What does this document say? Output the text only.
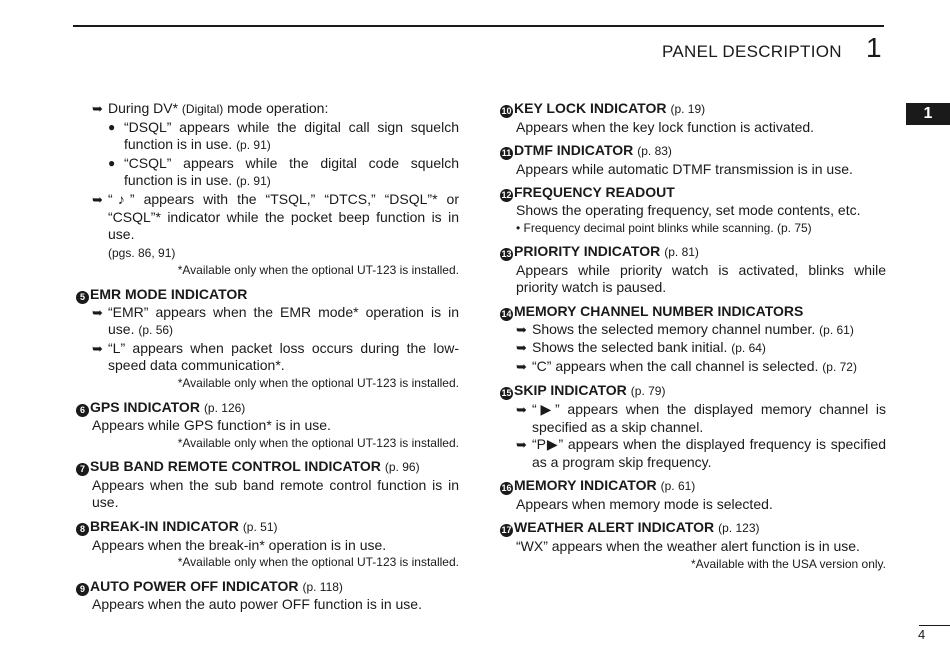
PANEL DESCRIPTION 1
1
4
➥ During DV* (Digital) mode operation:
● “DSQL” appears while the digital call sign squelch function is in use. (p. 91)
● “CSQL” appears while the digital code squelch function is in use. (p. 91)
➥ “♪” appears with the “TSQL,” “DTCS,” “DSQL”* or “CSQL”* indicator while the pocket beep function is in use.
(pgs. 86, 91)
*Available only when the optional UT-123 is installed.
5 EMR MODE INDICATOR
➥ “EMR” appears when the EMR mode* operation is in use. (p. 56)
➥ “L” appears when packet loss occurs during the low-speed data communication*.
*Available only when the optional UT-123 is installed.
6 GPS INDICATOR (p. 126)
Appears while GPS function* is in use.
*Available only when the optional UT-123 is installed.
7 SUB BAND REMOTE CONTROL INDICATOR (p. 96)
Appears when the sub band remote control function is in use.
8 BREAK-IN INDICATOR (p. 51)
Appears when the break-in* operation is in use.
*Available only when the optional UT-123 is installed.
9 AUTO POWER OFF INDICATOR (p. 118)
Appears when the auto power OFF function is in use.
10 KEY LOCK INDICATOR (p. 19)
Appears when the key lock function is activated.
11 DTMF INDICATOR (p. 83)
Appears while automatic DTMF transmission is in use.
12 FREQUENCY READOUT
Shows the operating frequency, set mode contents, etc.
• Frequency decimal point blinks while scanning. (p. 75)
13 PRIORITY INDICATOR (p. 81)
Appears while priority watch is activated, blinks while priority watch is paused.
14 MEMORY CHANNEL NUMBER INDICATORS
➥ Shows the selected memory channel number. (p. 61)
➥ Shows the selected bank initial. (p. 64)
➥ “C” appears when the call channel is selected. (p. 72)
15 SKIP INDICATOR (p. 79)
➥ “▶” appears when the displayed memory channel is specified as a skip channel.
➥ “P▶” appears when the displayed frequency is specified as a program skip frequency.
16 MEMORY INDICATOR (p. 61)
Appears when memory mode is selected.
17 WEATHER ALERT INDICATOR (p. 123)
“WX” appears when the weather alert function is in use.
*Available with the USA version only.
